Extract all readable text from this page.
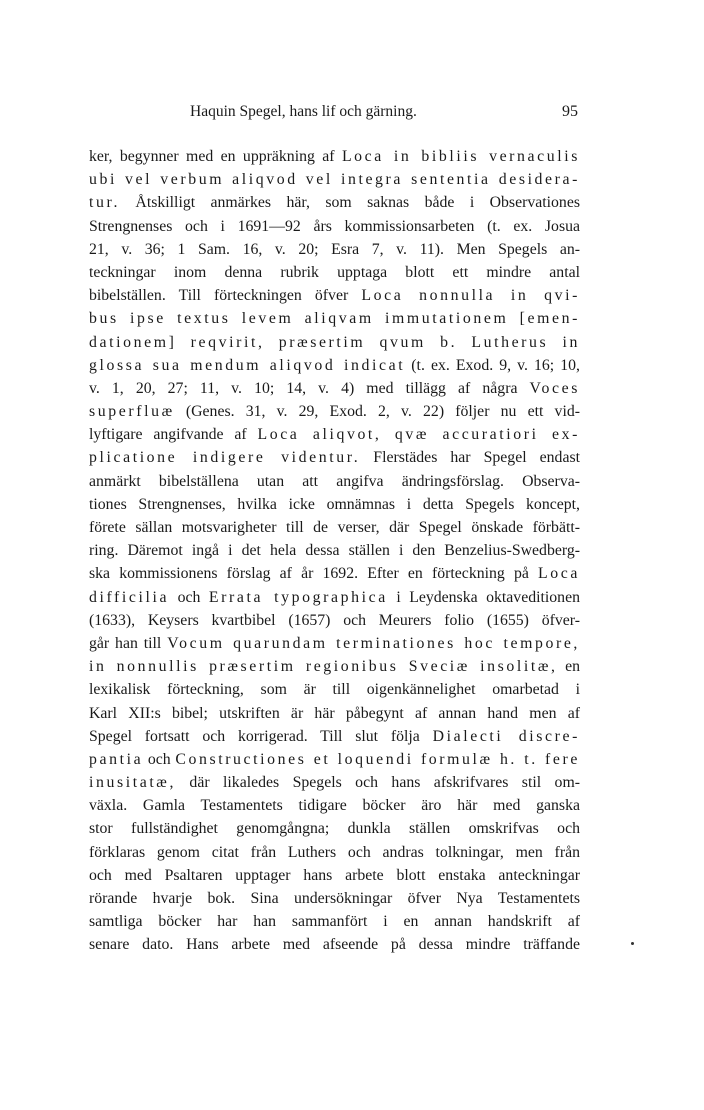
Haquin Spegel, hans lif och gärning.	95
ker, begynner med en uppräkning af Loca in bibliis vernaculis
ubi vel verbum aliqvod vel integra sententia desidera-
tur. Åtskilligt anmärkes här, som saknas både i Observationes
Strengnenses och i 1691—92 års kommissionsarbeten (t. ex. Josua
21, v. 36; 1 Sam. 16, v. 20; Esra 7, v. 11). Men Spegels an-
teckningar inom denna rubrik upptaga blott ett mindre antal
bibelställen. Till förteckningen öfver Loca nonnulla in qvi-
bus ipse textus levem aliqvam immutationem [emen-
dationem] reqvirit, præsertim qvum b. Lutherus in
glossa sua mendum aliqvod indicat (t. ex. Exod. 9, v. 16; 10,
v. 1, 20, 27; 11, v. 10; 14, v. 4) med tillägg af några Voces
superfluæ (Genes. 31, v. 29, Exod. 2, v. 22) följer nu ett vid-
lyftigare angifvande af Loca aliqvot, qvæ accuratiori ex-
plicatione indigere videntur. Flerstädes har Spegel endast
anmärkt bibelställena utan att angifva ändringsförslag. Observa-
tiones Strengnenses, hvilka icke omnämnas i detta Spegels koncept,
förete sällan motsvarigheter till de verser, där Spegel önskade förbätt-
ring. Däremot ingå i det hela dessa ställen i den Benzelius-Swedberg-
ska kommissionens förslag af år 1692. Efter en förteckning på Loca
difficilia och Errata typographica i Leydenska oktaveditionen
(1633), Keysers kvartbibel (1657) och Meurers folio (1655) öfver-
går han till Vocum quarundam terminationes hoc tempore,
in nonnullis præsertim regionibus Sveciæ insolitæ, en
lexikalisk förteckning, som är till oigenkännelighet omarbetad i
Karl XII:s bibel; utskriften är här påbegynt af annan hand men af
Spegel fortsatt och korrigerad. Till slut följa Dialecti discre-
pantia och Constructiones et loquendi formulæ h. t. fere
inusitatæ, där likaledes Spegels och hans afskrifvares stil om-
växla. Gamla Testamentets tidigare böcker äro här med ganska
stor fullständighet genomgångna; dunkla ställen omskrifvas och
förklaras genom citat från Luthers och andras tolkningar, men från
och med Psaltaren upptager hans arbete blott enstaka anteckningar
rörande hvarje bok. Sina undersökningar öfver Nya Testamentets
samtliga böcker har han sammanfört i en annan handskrift af
senare dato. Hans arbete med afseende på dessa mindre träffande
